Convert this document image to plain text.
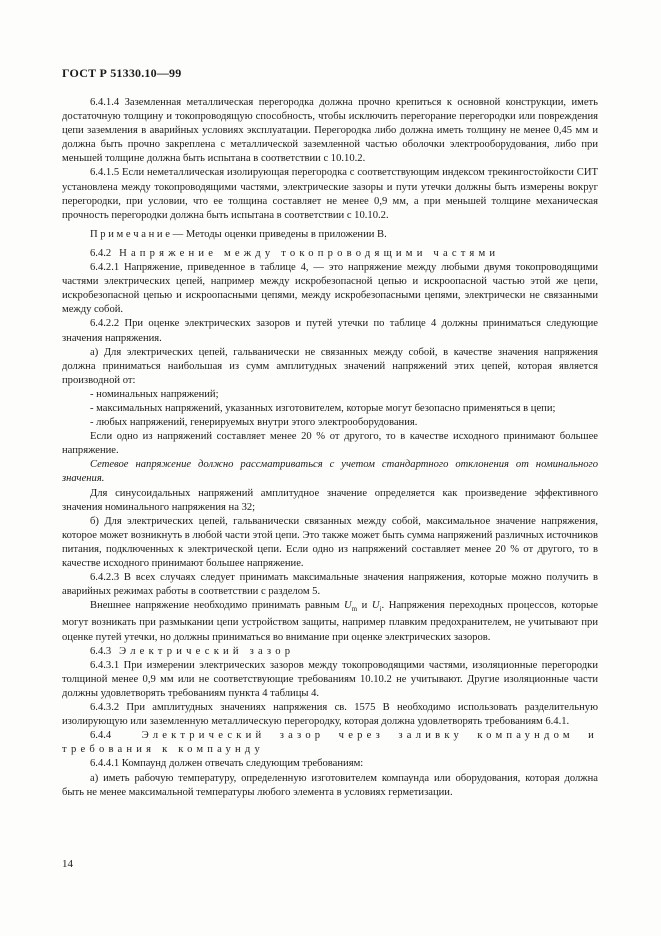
ГОСТ Р 51330.10—99

6.4.1.4 Заземленная металлическая перегородка должна прочно крепиться к основной конструкции, иметь достаточную толщину и токопроводящую способность, чтобы исключить перегорание перегородки или повреждения цепи заземления в аварийных условиях эксплуатации. Перегородка либо должна иметь толщину не менее 0,45 мм и должна быть прочно закреплена с металлической заземленной частью оболочки электрооборудования, либо при меньшей толщине должна быть испытана в соответствии с 10.10.2.

6.4.1.5 Если неметаллическая изолирующая перегородка с соответствующим индексом трекингостойкости СИТ установлена между токопроводящими частями, электрические зазоры и пути утечки должны быть измерены вокруг перегородки, при условии, что ее толщина составляет не менее 0,9 мм, а при меньшей толщине механическая прочность перегородки должна быть испытана в соответствии с 10.10.2.

П р и м е ч а н и е — Методы оценки приведены в приложении В.

6.4.2 Напряжение между токопроводящими частями

6.4.2.1 Напряжение, приведенное в таблице 4, — это напряжение между любыми двумя токопроводящими частями электрических цепей, например между искробезопасной цепью и искроопасной частью этой же цепи, искробезопасной цепью и искроопасными цепями, между искробезопасными цепями, электрически не связанными между собой.

6.4.2.2 При оценке электрических зазоров и путей утечки по таблице 4 должны приниматься следующие значения напряжения.

а) Для электрических цепей, гальванически не связанных между собой, в качестве значения напряжения должна приниматься наибольшая из сумм амплитудных значений напряжений этих цепей, которая является производной от:

- номинальных напряжений;

- максимальных напряжений, указанных изготовителем, которые могут безопасно применяться в цепи;

- любых напряжений, генерируемых внутри этого электрооборудования.

Если одно из напряжений составляет менее 20 % от другого, то в качестве исходного принимают большее напряжение.

Сетевое напряжение должно рассматриваться с учетом стандартного отклонения от номинального значения.

Для синусоидальных напряжений амплитудное значение определяется как произведение эффективного значения номинального напряжения на 32;

б) Для электрических цепей, гальванически связанных между собой, максимальное значение напряжения, которое может возникнуть в любой части этой цепи. Это также может быть сумма напряжений различных источников питания, подключенных к электрической цепи. Если одно из напряжений составляет менее 20 % от другого, то в качестве исходного принимают большее напряжение.

6.4.2.3 В всех случаях следует принимать максимальные значения напряжения, которые можно получить в аварийных режимах работы в соответствии с разделом 5.

Внешнее напряжение необходимо принимать равным $U_m$ и $U_i$. Напряжения переходных процессов, которые могут возникать при размыкании цепи устройством защиты, например плавким предохранителем, не учитывают при оценке путей утечки, но должны приниматься во внимание при оценке электрических зазоров.

6.4.3 Электрический зазор

6.4.3.1 При измерении электрических зазоров между токопроводящими частями, изоляционные перегородки толщиной менее 0,9 мм или не соответствующие требованиям 10.10.2 не учитывают. Другие изоляционные части должны удовлетворять требованиям пункта 4 таблицы 4.

6.4.3.2 При амплитудных значениях напряжения св. 1575 В необходимо использовать разделительную изолирующую или заземленную металлическую перегородку, которая должна удовлетворять требованиям 6.4.1.

6.4.4	Электрический зазор через заливку компаундом и требования к компаунду

6.4.4.1 Компаунд должен отвечать следующим требованиям:

а) иметь рабочую температуру, определенную изготовителем компаунда или оборудования, которая должна быть не менее максимальной температуры любого элемента в условиях герметизации.

14
